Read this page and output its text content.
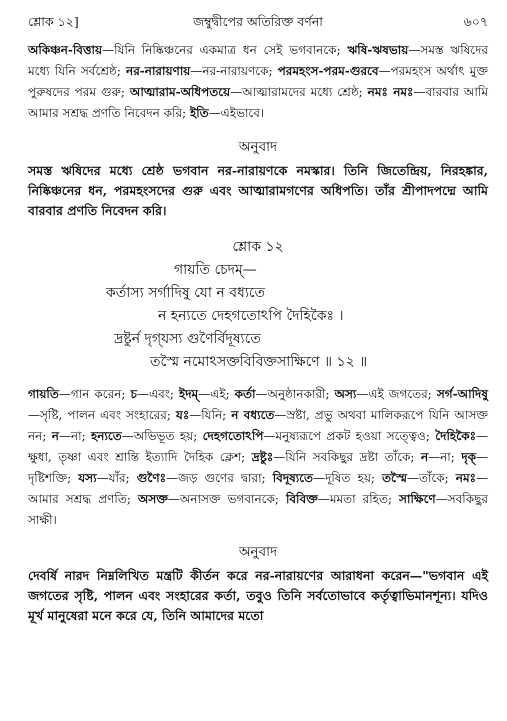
শ্লোক ১২]	জম্বুদ্বীপের অতিরিক্ত বর্ণনা	৬০৭
অকিঞ্চন-বিত্তায়—যিনি নিষ্কিঞ্চনের একমাত্র ধন সেই ভগবানকে; ঋষি-ঋষভায়—সমস্ত ঋষিদের মধ্যে যিনি সর্বশ্রেষ্ঠ; নর-নারায়ণায়—নর-নারায়ণকে; পরমহংস-পরম-গুরবে—পরমহংস অর্থাৎ মুক্ত পুরুষদের পরম গুরু; আত্মারাম-অধিপতয়ে—আত্মারামদের মধ্যে শ্রেষ্ঠ; নমঃ নমঃ—বারবার আমি আমার সশ্রদ্ধ প্রণতি নিবেদন করি; ইতি—এইভাবে।
অনুবাদ
সমস্ত ঋষিদের মধ্যে শ্রেষ্ঠ ভগবান নর-নারায়ণকে নমস্কার। তিনি জিতেন্দ্রিয়, নিরহঙ্কার, নিষ্কিঞ্চনের ধন, পরমহংসদের গুরু এবং আত্মারামগণের অধিপতি। তাঁর শ্রীপাদপদ্মে আমি বারবার প্রণতি নিবেদন করি।
শ্লোক ১২
গায়তি চেদম্—
কর্তাস্য সর্গাদিষু যো ন বধ্যতে
ন হন্যতে দেহগতোঽপি দৈহিকৈঃ ।
দ্রষ্টুর্ন দৃগ্‌যস্য গুণৈর্বিদূষ্যতে
তস্মৈ নমোঽসক্তবিবিক্তসাক্ষিণে ॥ ১২ ॥
গায়তি—গান করেন; চ—এবং; ইদম্—এই; কর্তা—অনুষ্ঠানকারী; অস্য—এই জগতের; সর্গ-আদিষু—সৃষ্টি, পালন এবং সংহারের; যঃ—যিনি; ন বধ্যতে—স্রষ্টা, প্রভু অথবা মালিকরূপে যিনি আসক্ত নন; ন—না; হন্যতে—অভিভূত হয়; দেহগতোঽপি—মনুষ্যরূপে প্রকট হওয়া সত্ত্বেও; দৈহিকৈঃ—ক্ষুধা, তৃষ্ণা এবং শ্রান্তি ইত্যাদি দৈহিক ক্লেশ; দ্রষ্টুঃ—যিনি সবকিছুর দ্রষ্টা তাঁকে; ন—না; দৃক্—দৃষ্টিশক্তি; যস্য—যাঁর; গুণৈঃ—জড় গুণের দ্বারা; বিদূষ্যতে—দূষিত হয়; তস্মৈ—তাঁকে; নমঃ—আমার সশ্রদ্ধ প্রণতি; অসক্ত—অনাসক্ত ভগবানকে; বিবিক্ত—মমতা রহিত; সাক্ষিণে—সবকিছুর সাক্ষী।
অনুবাদ
দেবর্ষি নারদ নিম্নলিখিত মন্ত্রটি কীর্তন করে নর-নারায়ণের আরাধনা করেন—"ভগবান এই জগতের সৃষ্টি, পালন এবং সংহারের কর্তা, তবুও তিনি সর্বতোভাবে কর্তৃত্বাভিমানশূন্য। যদিও মূর্খ মানুষেরা মনে করে যে, তিনি আমাদের মতো
